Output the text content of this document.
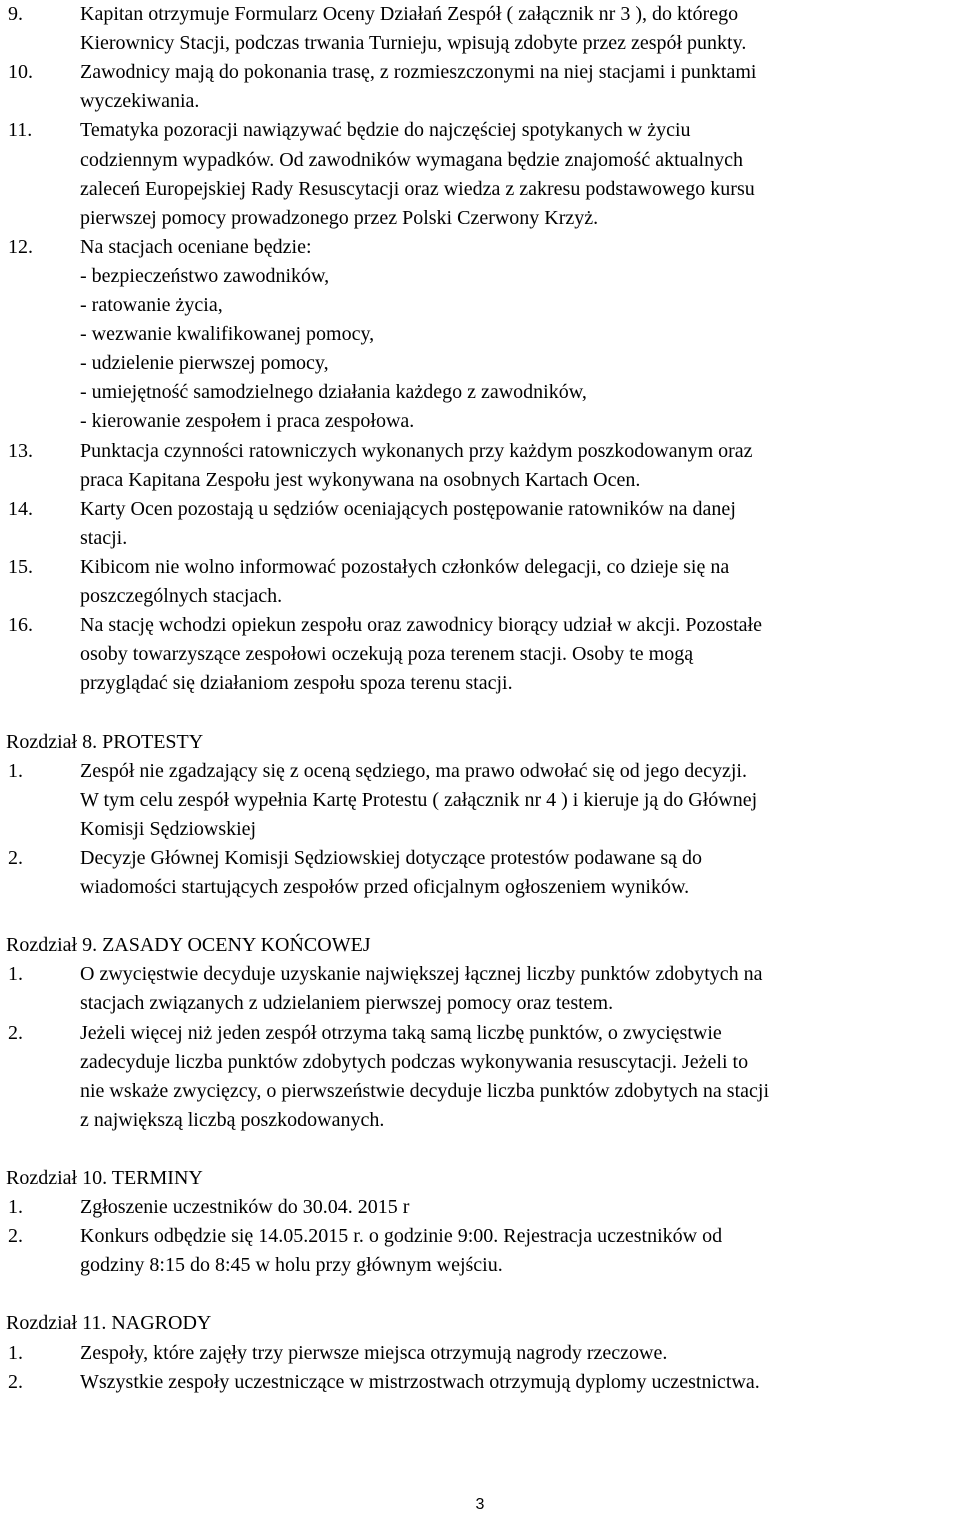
9.	Kapitan otrzymuje Formularz Oceny Działań Zespół ( załącznik nr 3 ), do którego
Kierownicy Stacji, podczas trwania Turnieju, wpisują zdobyte przez zespół punkty.
10. Zawodnicy mają do pokonania trasę, z rozmieszczonymi na niej stacjami i punktami
wyczekiwania.
11. Tematyka pozoracji nawiązywać będzie do najczęściej spotykanych w życiu
codziennym wypadków. Od zawodników wymagana będzie znajomość aktualnych
zaleceń Europejskiej Rady Resuscytacji oraz wiedza z zakresu podstawowego kursu
pierwszej pomocy prowadzonego przez Polski Czerwony Krzyż.
12. Na stacjach oceniane będzie:
- bezpieczeństwo zawodników,
- ratowanie życia,
- wezwanie kwalifikowanej pomocy,
- udzielenie pierwszej pomocy,
- umiejętność samodzielnego działania każdego z zawodników,
- kierowanie zespołem i praca zespołowa.
13. Punktacja czynności ratowniczych wykonanych przy każdym poszkodowanym oraz
praca Kapitana Zespołu jest wykonywana na osobnych Kartach Ocen.
14. Karty Ocen pozostają u sędziów oceniających postępowanie ratowników na danej
stacji.
15. Kibicom nie wolno informować pozostałych członków delegacji, co dzieje się na
poszczególnych stacjach.
16. Na stację wchodzi opiekun zespołu oraz zawodnicy biorący udział w akcji. Pozostałe
osoby towarzyszące zespołowi oczekują poza terenem stacji. Osoby te mogą
przyglądać się działaniom zespołu spoza terenu stacji.
Rozdział 8. PROTESTY
1.	Zespół nie zgadzający się z oceną sędziego, ma prawo odwołać się od jego decyzji.
W tym celu zespół wypełnia Kartę Protestu ( załącznik nr 4 ) i kieruje ją do Głównej
Komisji Sędziowskiej
2.	Decyzje Głównej Komisji Sędziowskiej dotyczące protestów podawane są do
wiadomości startujących zespołów przed oficjalnym ogłoszeniem wyników.
Rozdział 9. ZASADY OCENY KOŃCOWEJ
1.	O zwycięstwie decyduje uzyskanie największej łącznej liczby punktów zdobytych na
stacjach związanych z udzielaniem pierwszej pomocy oraz testem.
2.	Jeżeli więcej niż jeden zespół otrzyma taką samą liczbę punktów, o zwycięstwie
zadecyduje liczba punktów zdobytych podczas wykonywania resuscytacji. Jeżeli to
nie wskaże zwycięzcy, o pierwszeństwie decyduje liczba punktów zdobytych na stacji
z największą liczbą poszkodowanych.
Rozdział 10. TERMINY
1.	Zgłoszenie uczestników do 30.04. 2015 r
2.	Konkurs odbędzie się 14.05.2015 r. o godzinie 9:00. Rejestracja uczestników od
godziny 8:15 do 8:45 w holu przy głównym wejściu.
Rozdział 11. NAGRODY
1.	Zespoły, które zajęły trzy pierwsze miejsca otrzymują nagrody rzeczowe.
2.	Wszystkie zespoły uczestniczące w mistrzostwach otrzymują dyplomy uczestnictwa.
3
